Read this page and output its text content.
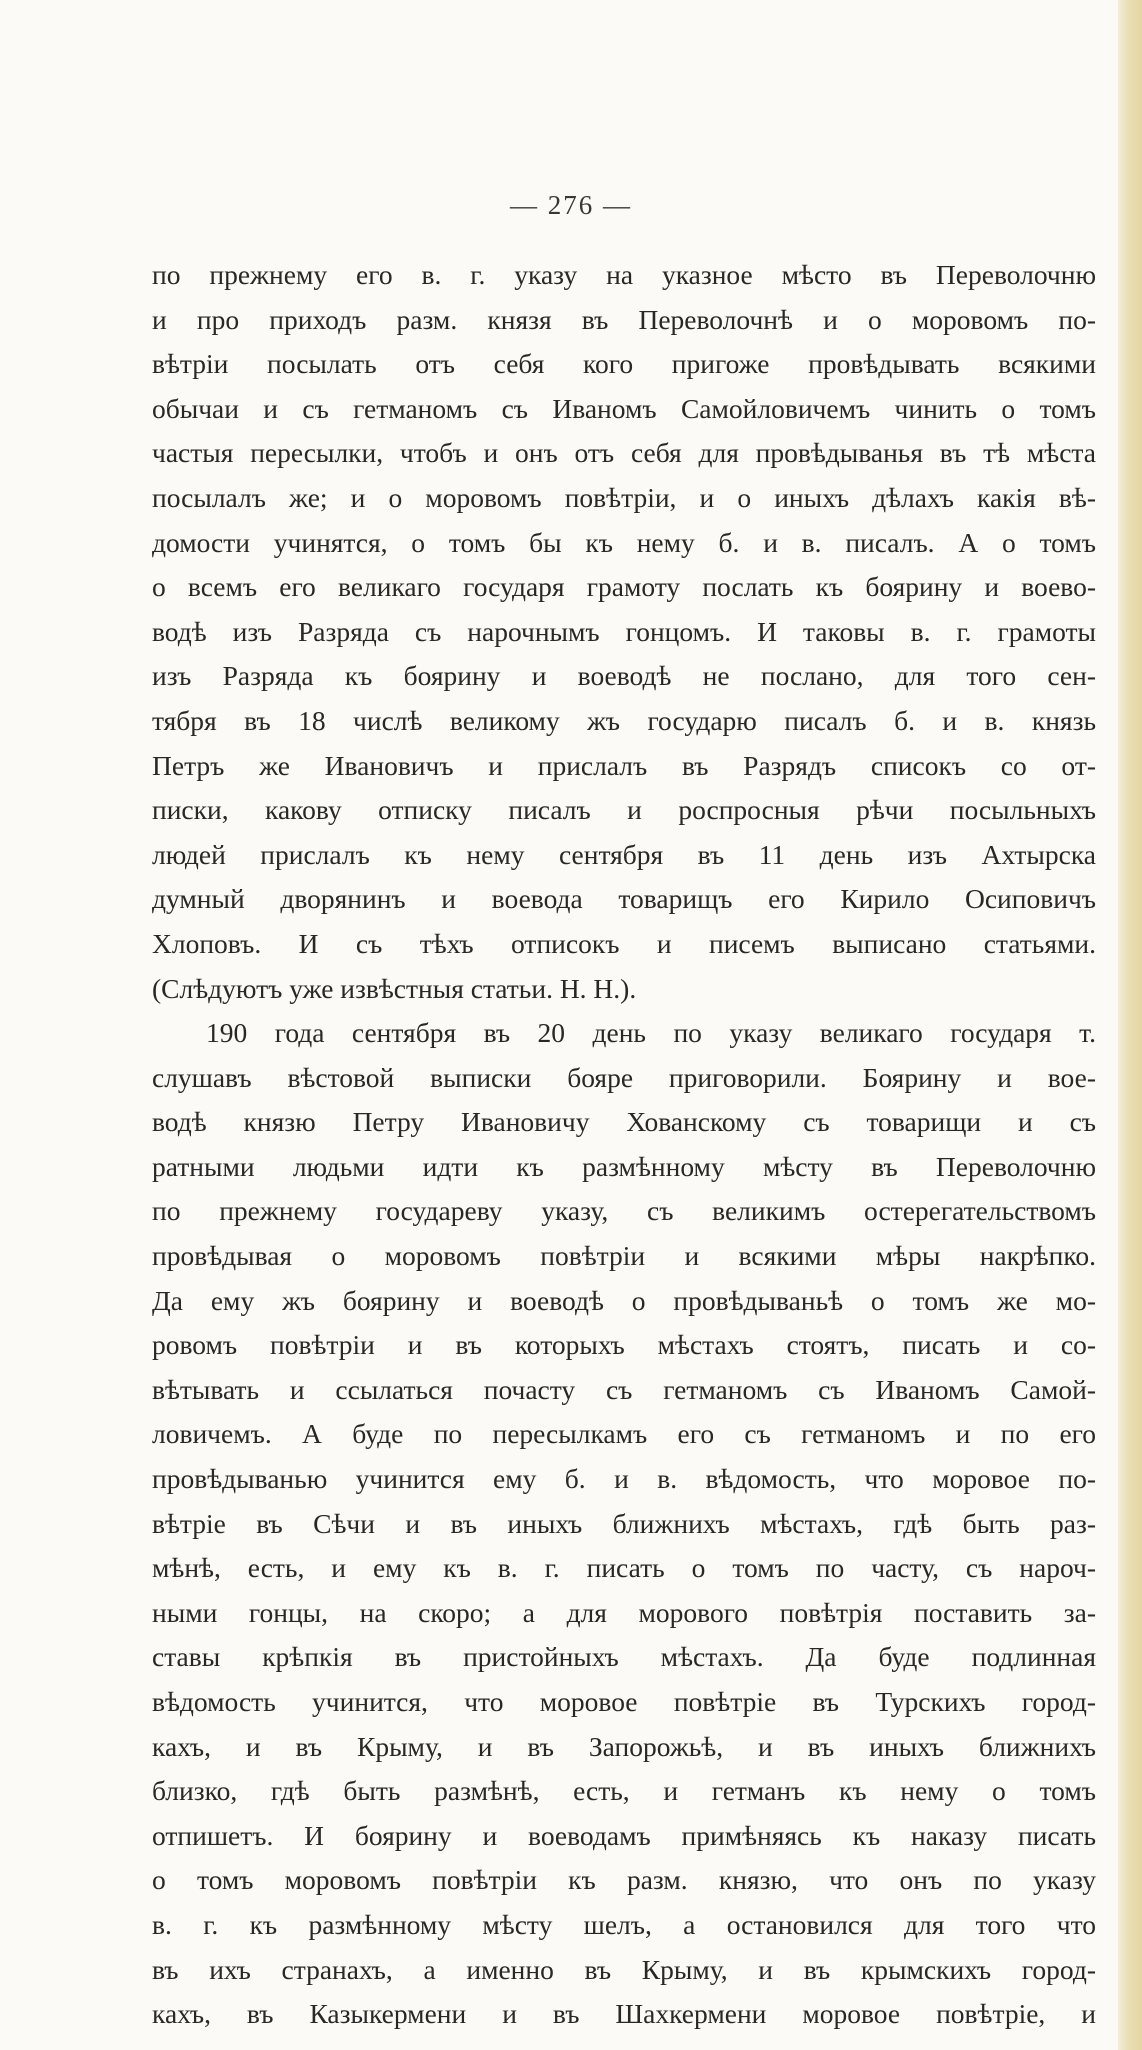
— 276 —
по прежнему его в. г. указу на указное мѣсто въ Переволочню
и про приходъ разм. князя въ Переволочнѣ и о моровомъ по-
вѣтріи посылать отъ себя кого пригоже провѣдывать всякими
обычаи и съ гетманомъ съ Иваномъ Самойловичемъ чинить о томъ
частыя пересылки, чтобъ и онъ отъ себя для провѣдыванья въ тѣ мѣста
посылалъ же; и о моровомъ повѣтріи, и о иныхъ дѣлахъ какія вѣ-
домости учинятся, о томъ бы къ нему б. и в. писалъ. А о томъ
о всемъ его великаго государя грамоту послать къ боярину и воево-
водѣ изъ Разряда съ нарочнымъ гонцомъ. И таковы в. г. грамоты
изъ Разряда къ боярину и воеводѣ не послано, для того сен-
тября въ 18 числѣ великому жъ государю писалъ б. и в. князь
Петръ же Ивановичъ и прислалъ въ Разрядъ списокъ со от-
писки, какову отписку писалъ и роспросныя рѣчи посыльныхъ
людей прислалъ къ нему сентября въ 11 день изъ Ахтырска
думный дворянинъ и воевода товарищъ его Кирило Осиповичъ
Хлоповъ. И съ тѣхъ отписокъ и писемъ выписано статьями.
(Слѣдуютъ уже извѣстныя статьи. Н. Н.).
190 года сентября въ 20 день по указу великаго государя т.
слушавъ вѣстовой выписки бояре приговорили. Боярину и вое-
водѣ князю Петру Ивановичу Хованскому съ товарищи и съ
ратными людьми идти къ размѣнному мѣсту въ Переволочню
по прежнему государеву указу, съ великимъ остерегательствомъ
провѣдывая о моровомъ повѣтріи и всякими мѣры накрѣпко.
Да ему жъ боярину и воеводѣ о провѣдываньѣ о томъ же мо-
ровомъ повѣтріи и въ которыхъ мѣстахъ стоятъ, писать и со-
вѣтывать и ссылаться почасту съ гетманомъ съ Иваномъ Самой-
ловичемъ. А буде по пересылкамъ его съ гетманомъ и по его
провѣдыванью учинится ему б. и в. вѣдомость, что моровое по-
вѣтріе въ Сѣчи и въ иныхъ ближнихъ мѣстахъ, гдѣ быть раз-
мѣнѣ, есть, и ему къ в. г. писать о томъ по часту, съ нароч-
ными гонцы, на скоро; а для морового повѣтрія поставить за-
ставы крѣпкія въ пристойныхъ мѣстахъ. Да буде подлинная
вѣдомость учинится, что моровое повѣтріе въ Турскихъ город-
кахъ, и въ Крыму, и въ Запорожьѣ, и въ иныхъ ближнихъ
близко, гдѣ быть размѣнѣ, есть, и гетманъ къ нему о томъ
отпишетъ. И боярину и воеводамъ примѣняясь къ наказу писать
о томъ моровомъ повѣтріи къ разм. князю, что онъ по указу
в. г. къ размѣнному мѣсту шелъ, а остановился для того что
въ ихъ странахъ, а именно въ Крыму, и въ крымскихъ город-
кахъ, въ Казыкермени и въ Шахкермени моровое повѣтріе, и
